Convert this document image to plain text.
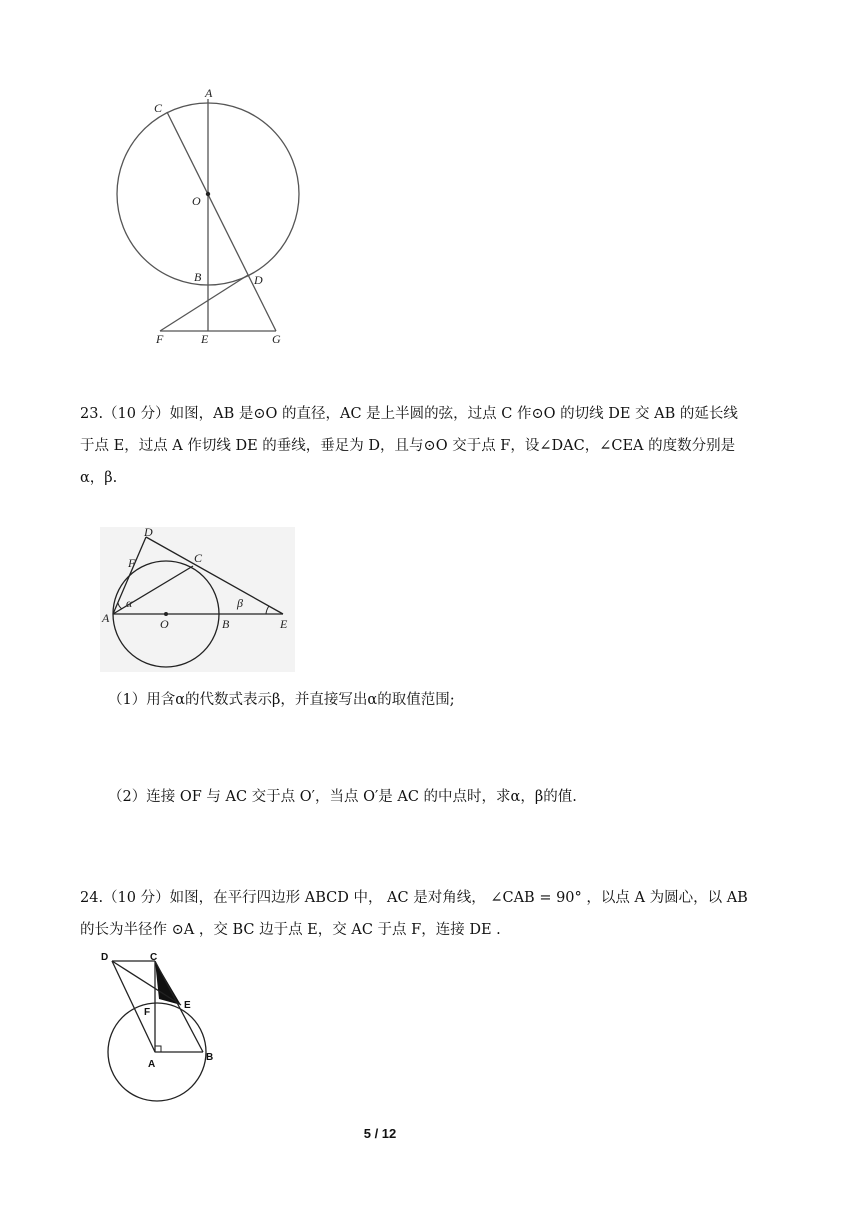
A
C
O
B	D
F	E	G
23.（10 分）如图，AB 是⊙O 的直径，AC 是上半圆的弦，过点 C 作⊙O 的切线 DE 交 AB 的延长线
于点 E，过点 A 作切线 DE 的垂线，垂足为 D，且与⊙O 交于点 F，设∠DAC，∠CEA 的度数分别是
α，β.
D
C
F
α	β
A	O	B	E
（1）用含α的代数式表示β，并直接写出α的取值范围;
（2）连接 OF 与 AC 交于点 O′，当点 O′是 AC 的中点时，求α，β的值.
24.（10 分）如图，在平行四边形 ABCD 中， AC 是对角线， ∠CAB = 90° ，以点 A 为圆心，以 AB
的长为半径作 ⊙A ，交 BC 边于点 E，交 AC 于点 F，连接 DE .
D	C
E
F
A
B
5 / 12
